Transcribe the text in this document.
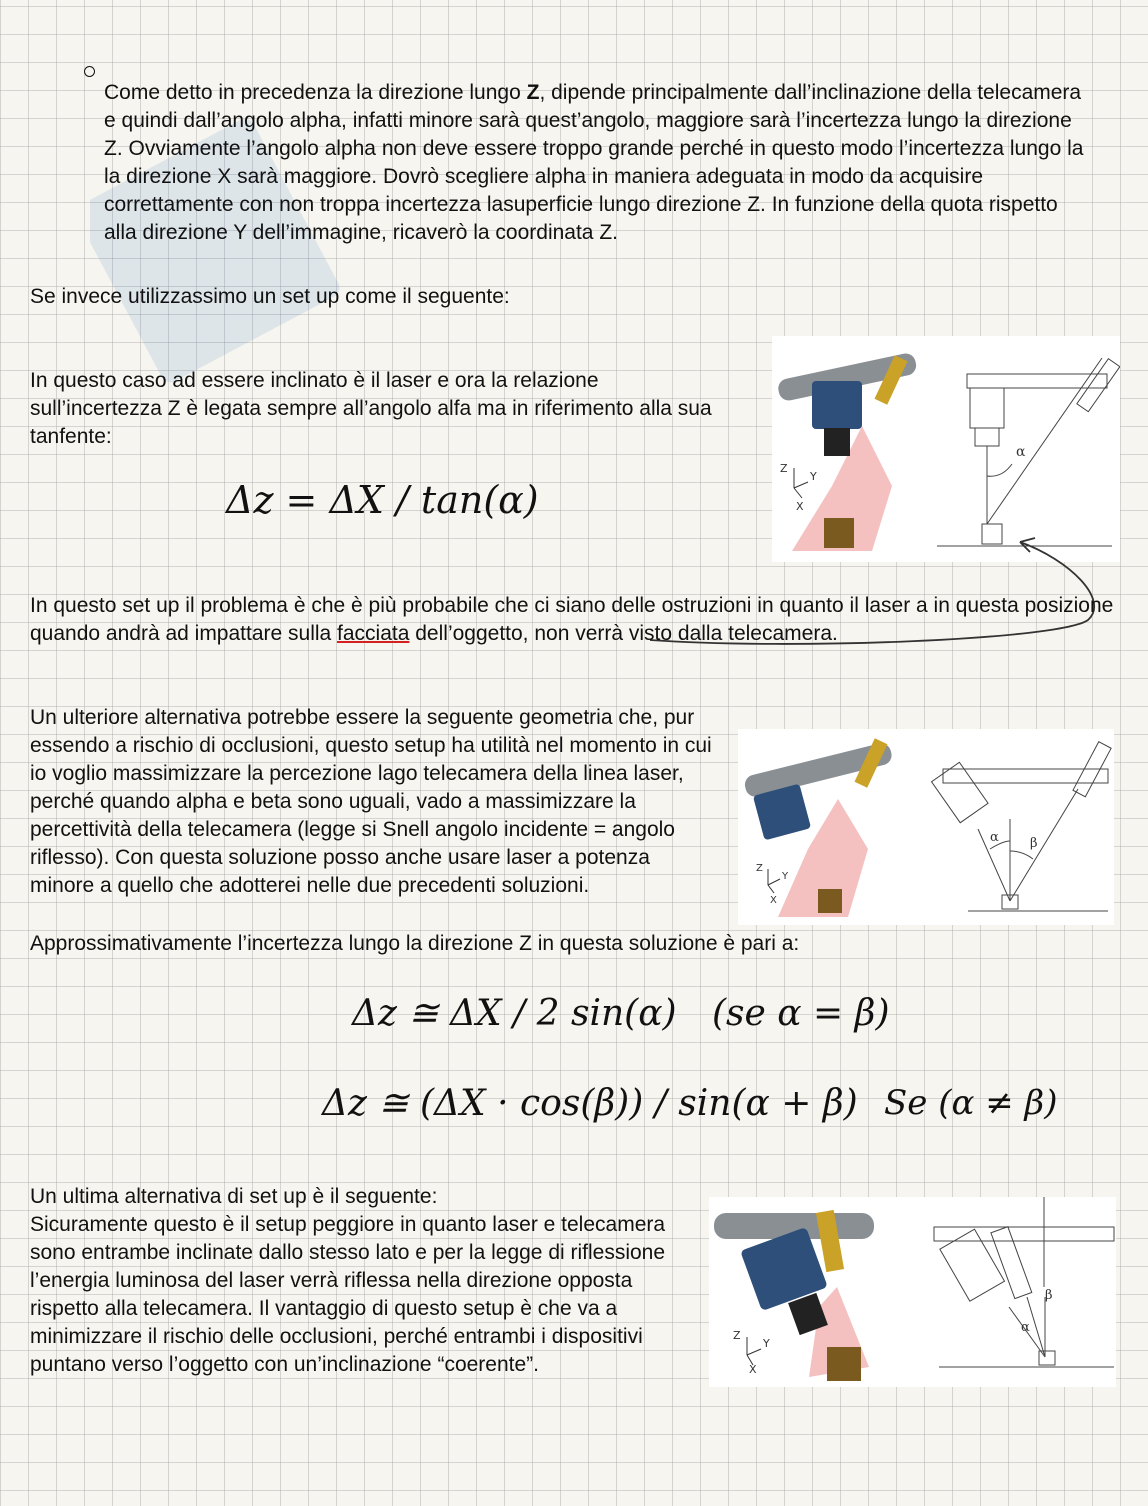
Come detto in precedenza la direzione lungo Z, dipende principalmente dall’inclinazione della telecamera e quindi dall’angolo alpha, infatti minore sarà quest’angolo, maggiore sarà l’incertezza lungo la direzione Z. Ovviamente l’angolo alpha non deve essere troppo grande perché in questo modo l’incertezza lungo la la direzione X sarà maggiore. Dovrò scegliere alpha in maniera adeguata in modo da acquisire correttamente con non troppa incertezza lasuperficie lungo direzione Z. In funzione della quota rispetto alla direzione Y dell’immagine, ricaverò la coordinata Z.

Se invece utilizzassimo un set up come il seguente:

In questo caso ad essere inclinato è il laser e ora la relazione sull’incertezza Z è legata sempre all’angolo alfa ma in riferimento alla sua tanfente:

Δz = ΔX / tan(α)
Z
Y
X
α

In questo set up il problema è che è più probabile che ci siano delle ostruzioni in quanto il laser a in questa posizione quando andrà ad impattare sulla facciata dell’oggetto, non verrà visto dalla telecamera.

Un ulteriore alternativa potrebbe essere la seguente geometria che, pur essendo a rischio di occlusioni, questo setup ha utilità nel momento in cui io voglio massimizzare la percezione lago telecamera della linea laser, perché quando alpha e beta sono uguali, vado a massimizzare la percettività della telecamera (legge si Snell angolo incidente = angolo riflesso). Con questa soluzione posso anche usare laser a potenza minore a quello che adotterei nelle due precedenti soluzioni.

Z
Y
X
α β

Approssimativamente l’incertezza lungo la direzione Z in questa soluzione è pari a:

Δz ≅ ΔX / 2 sin(α) (se α = β)
Δz ≅ (ΔX · cos(β)) / sin(α + β) Se (α ≠ β)

Un ultima alternativa di set up è il seguente:

Sicuramente questo è il setup peggiore in quanto laser e telecamera sono entrambe inclinate dallo stesso lato e per la legge di riflessione l’energia luminosa del laser verrà riflessa nella direzione opposta rispetto alla telecamera. Il vantaggio di questo setup è che va a minimizzare il rischio delle occlusioni, perché entrambi i dispositivi puntano verso l’oggetto con un’inclinazione “coerente”.

Z
Y
X
α
β
